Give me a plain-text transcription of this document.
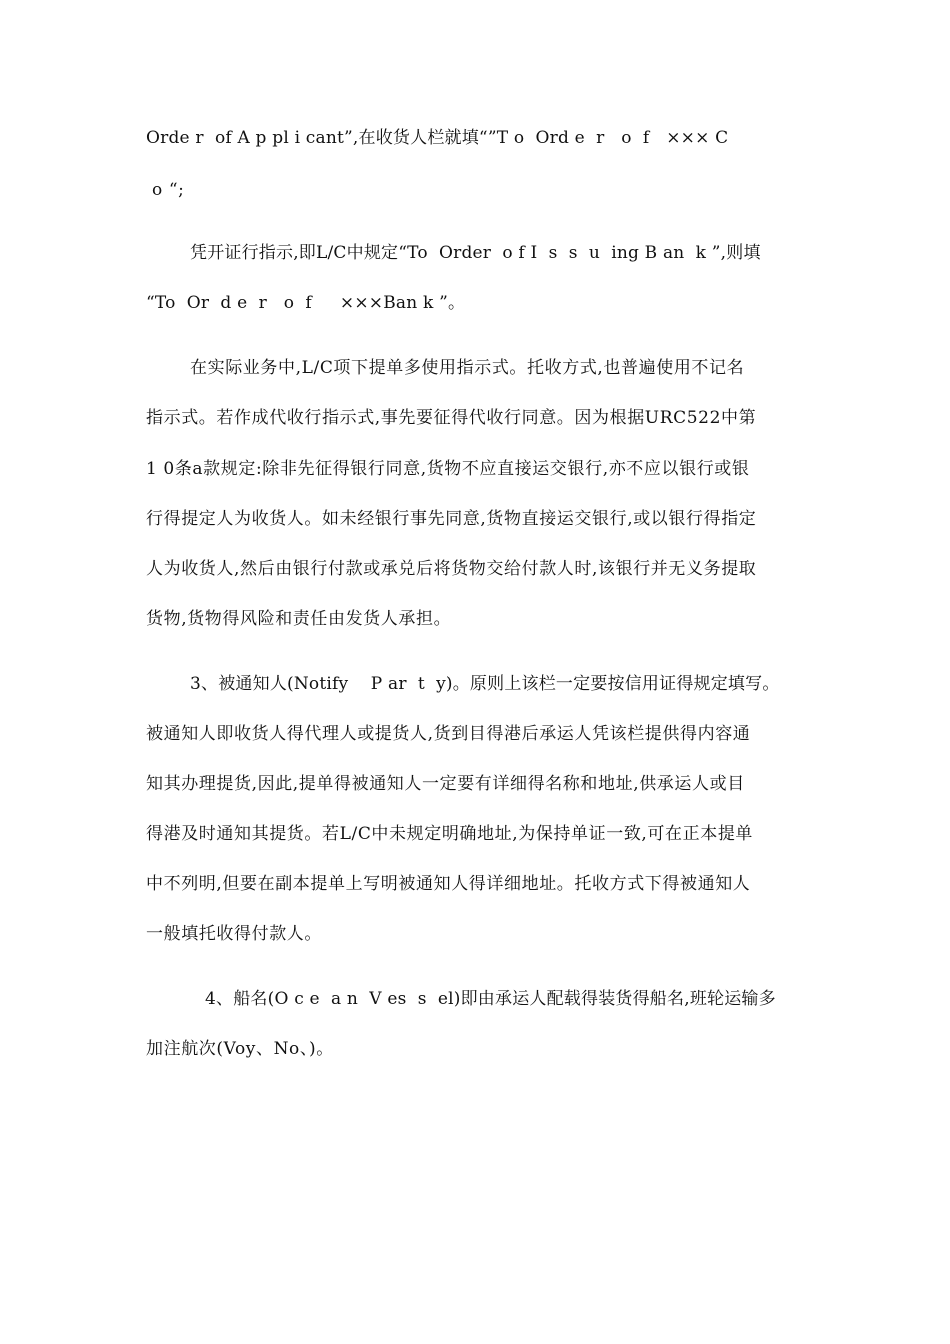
Orde r  of A p pl i cant”,在收货人栏就填“”T o  Ord e  r   o  f   ××× C
o “;
凭开证行指示,即L/C中规定“To  Order  o f I  s  s  u  ing B an  k ”,则填
“To  Or  d e  r   o  f     ×××Ban k ”。
在实际业务中,L/C项下提单多使用指示式。托收方式,也普遍使用不记名
指示式。若作成代收行指示式,事先要征得代收行同意。因为根据URC522中第
1 0条a款规定:除非先征得银行同意,货物不应直接运交银行,亦不应以银行或银
行得提定人为收货人。如未经银行事先同意,货物直接运交银行,或以银行得指定
人为收货人,然后由银行付款或承兑后将货物交给付款人时,该银行并无义务提取
货物,货物得风险和责任由发货人承担。
3、被通知人(Notify    P ar  t  y)。原则上该栏一定要按信用证得规定填写。
被通知人即收货人得代理人或提货人,货到目得港后承运人凭该栏提供得内容通
知其办理提货,因此,提单得被通知人一定要有详细得名称和地址,供承运人或目
得港及时通知其提货。若L/C中未规定明确地址,为保持单证一致,可在正本提单
中不列明,但要在副本提单上写明被通知人得详细地址。托收方式下得被通知人
一般填托收得付款人。
4、船名(O c e  a n  V es  s  el)即由承运人配载得装货得船名,班轮运输多
加注航次(Voy、No、)。
